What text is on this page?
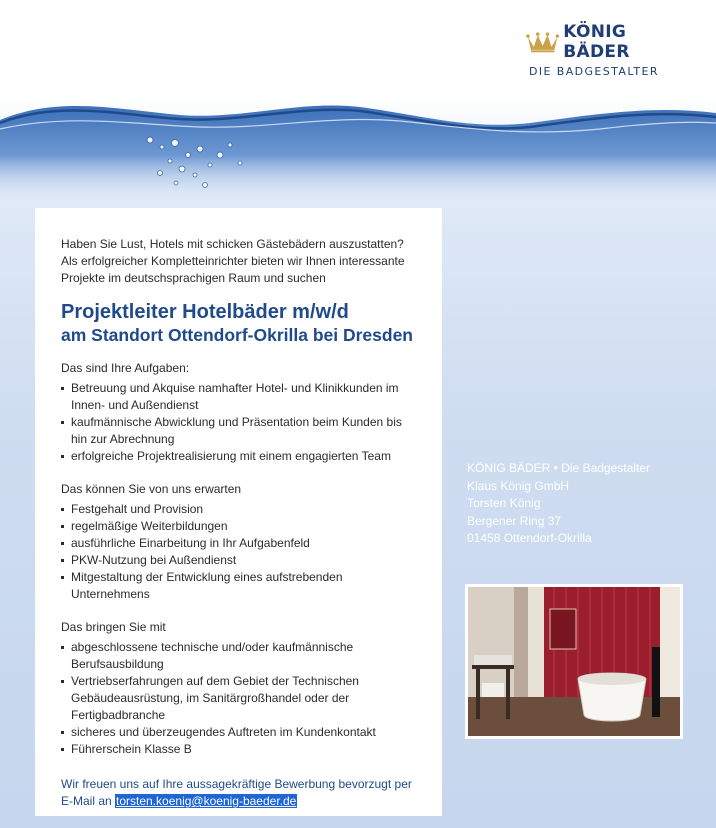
KÖNIG BÄDER
DIE BADGESTALTER

Haben Sie Lust, Hotels mit schicken Gästebädern auszustatten? Als erfolgreicher Kompletteinrichter bieten wir Ihnen interessante Projekte im deutschsprachigen Raum und suchen

Projektleiter Hotelbäder m/w/d
am Standort Ottendorf-Okrilla bei Dresden
Das sind Ihre Aufgaben:
Betreuung und Akquise namhafter Hotel- und Klinikkunden im Innen- und Außendienst
kaufmännische Abwicklung und Präsentation beim Kunden bis hin zur Abrechnung
erfolgreiche Projektrealisierung mit einem engagierten Team
Das können Sie von uns erwarten
Festgehalt und Provision
regelmäßige Weiterbildungen
ausführliche Einarbeitung in Ihr Aufgabenfeld
PKW-Nutzung bei Außendienst
Mitgestaltung der Entwicklung eines aufstrebenden Unternehmens
Das bringen Sie mit
abgeschlossene technische und/oder kaufmännische Berufsausbildung
Vertriebserfahrungen auf dem Gebiet der Technischen Gebäudeausrüstung, im Sanitärgroßhandel oder der Fertigbadbranche
sicheres und überzeugendes Auftreten im Kundenkontakt
Führerschein Klasse B

Wir freuen uns auf Ihre aussagekräftige Bewerbung bevorzugt per E-Mail an torsten.koenig@koenig-baeder.de

KÖNIG BÄDER • Die Badgestalter
Klaus König GmbH
Torsten König
Bergener Ring 37
01458 Ottendorf-Okrilla
